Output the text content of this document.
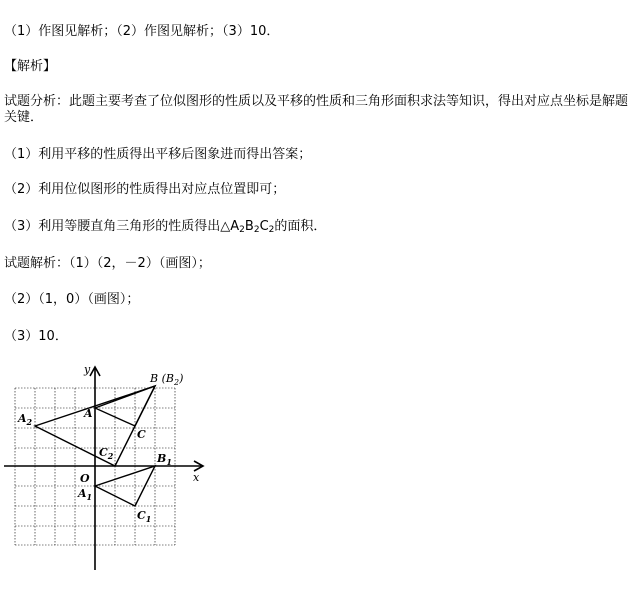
（1）作图见解析；（2）作图见解析；（3）10．
【解析】
试题分析：此题主要考查了位似图形的性质以及平移的性质和三角形面积求法等知识，得出对应点坐标是解题关键．
（1）利用平移的性质得出平移后图象进而得出答案；
（2）利用位似图形的性质得出对应点位置即可；
（3）利用等腰直角三角形的性质得出$\triangle A_2B_2C_2$的面积．
试题解析：（1）（2，－2）（画图）；
（2）（1，0）（画图）；
（3）10．
y
x
O
A
B $(B_2)$
C
$A_2$
$C_2$	$B_1$
$A_1$
$C_1$
